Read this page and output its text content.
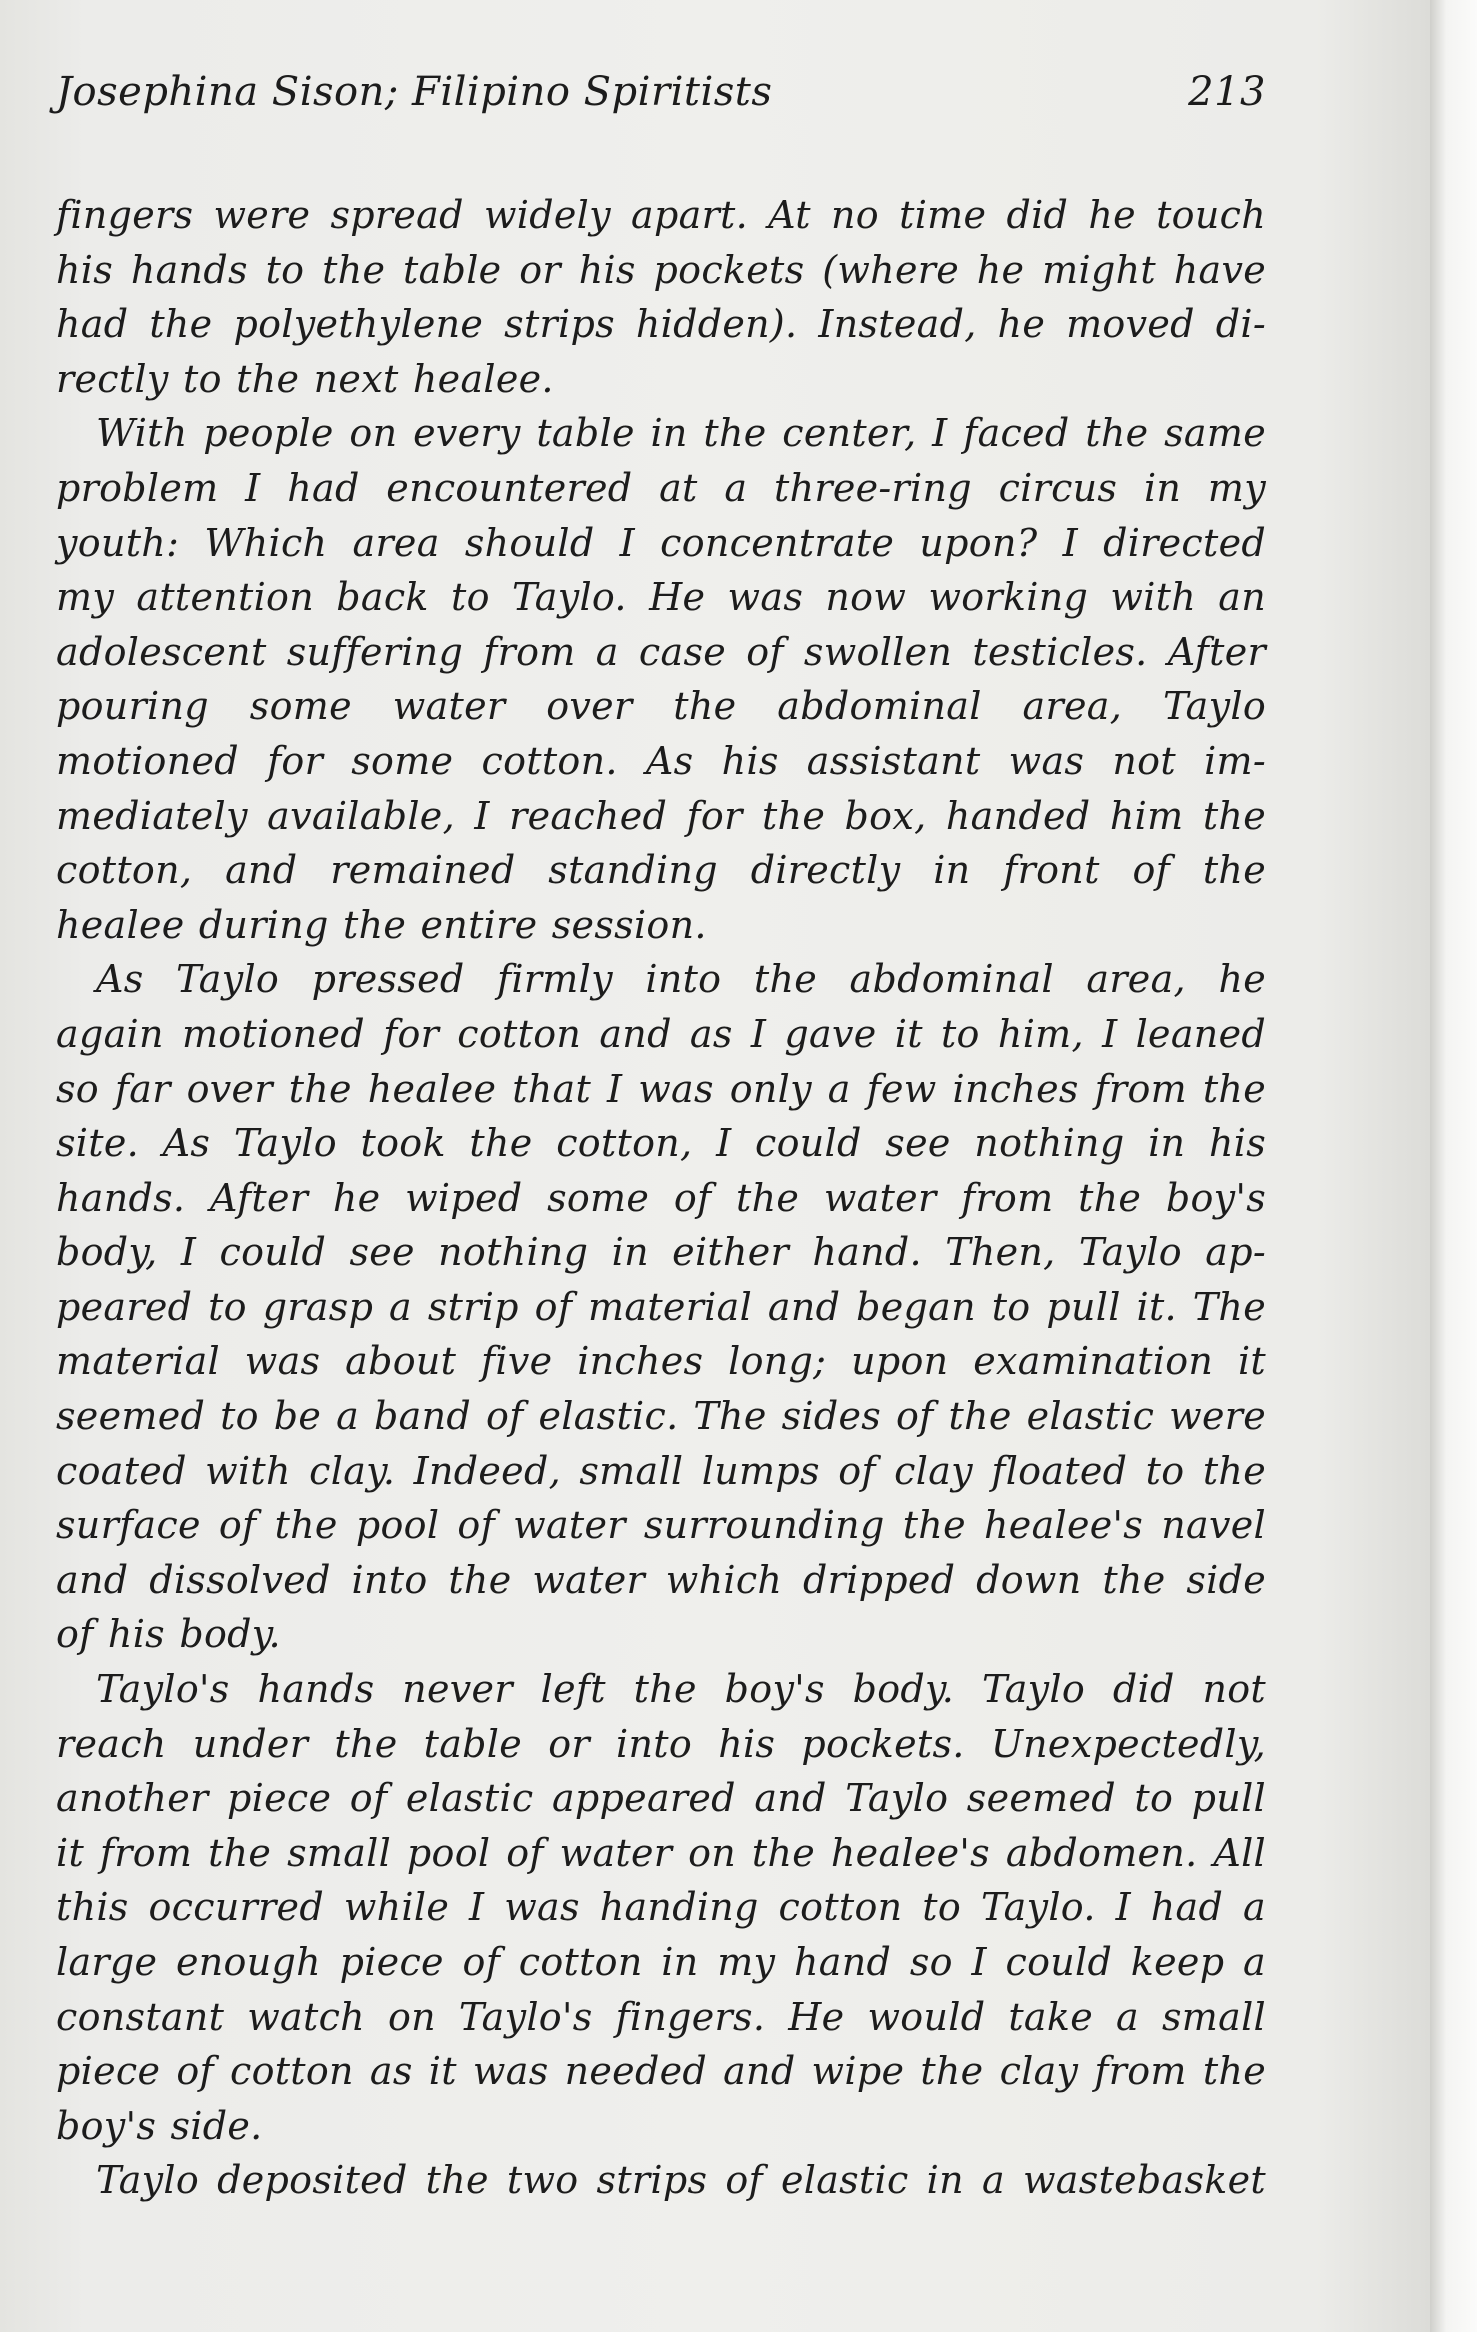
Josephina Sison; Filipino Spiritists	213
fingers were spread widely apart. At no time did he touch
his hands to the table or his pockets (where he might have
had the polyethylene strips hidden). Instead, he moved di-
rectly to the next healee.
With people on every table in the center, I faced the same
problem I had encountered at a three-ring circus in my
youth: Which area should I concentrate upon? I directed
my attention back to Taylo. He was now working with an
adolescent suffering from a case of swollen testicles. After
pouring some water over the abdominal area, Taylo
motioned for some cotton. As his assistant was not im-
mediately available, I reached for the box, handed him the
cotton, and remained standing directly in front of the
healee during the entire session.
As Taylo pressed firmly into the abdominal area, he
again motioned for cotton and as I gave it to him, I leaned
so far over the healee that I was only a few inches from the
site. As Taylo took the cotton, I could see nothing in his
hands. After he wiped some of the water from the boy's
body, I could see nothing in either hand. Then, Taylo ap-
peared to grasp a strip of material and began to pull it. The
material was about five inches long; upon examination it
seemed to be a band of elastic. The sides of the elastic were
coated with clay. Indeed, small lumps of clay floated to the
surface of the pool of water surrounding the healee's navel
and dissolved into the water which dripped down the side
of his body.
Taylo's hands never left the boy's body. Taylo did not
reach under the table or into his pockets. Unexpectedly,
another piece of elastic appeared and Taylo seemed to pull
it from the small pool of water on the healee's abdomen. All
this occurred while I was handing cotton to Taylo. I had a
large enough piece of cotton in my hand so I could keep a
constant watch on Taylo's fingers. He would take a small
piece of cotton as it was needed and wipe the clay from the
boy's side.
Taylo deposited the two strips of elastic in a wastebasket
